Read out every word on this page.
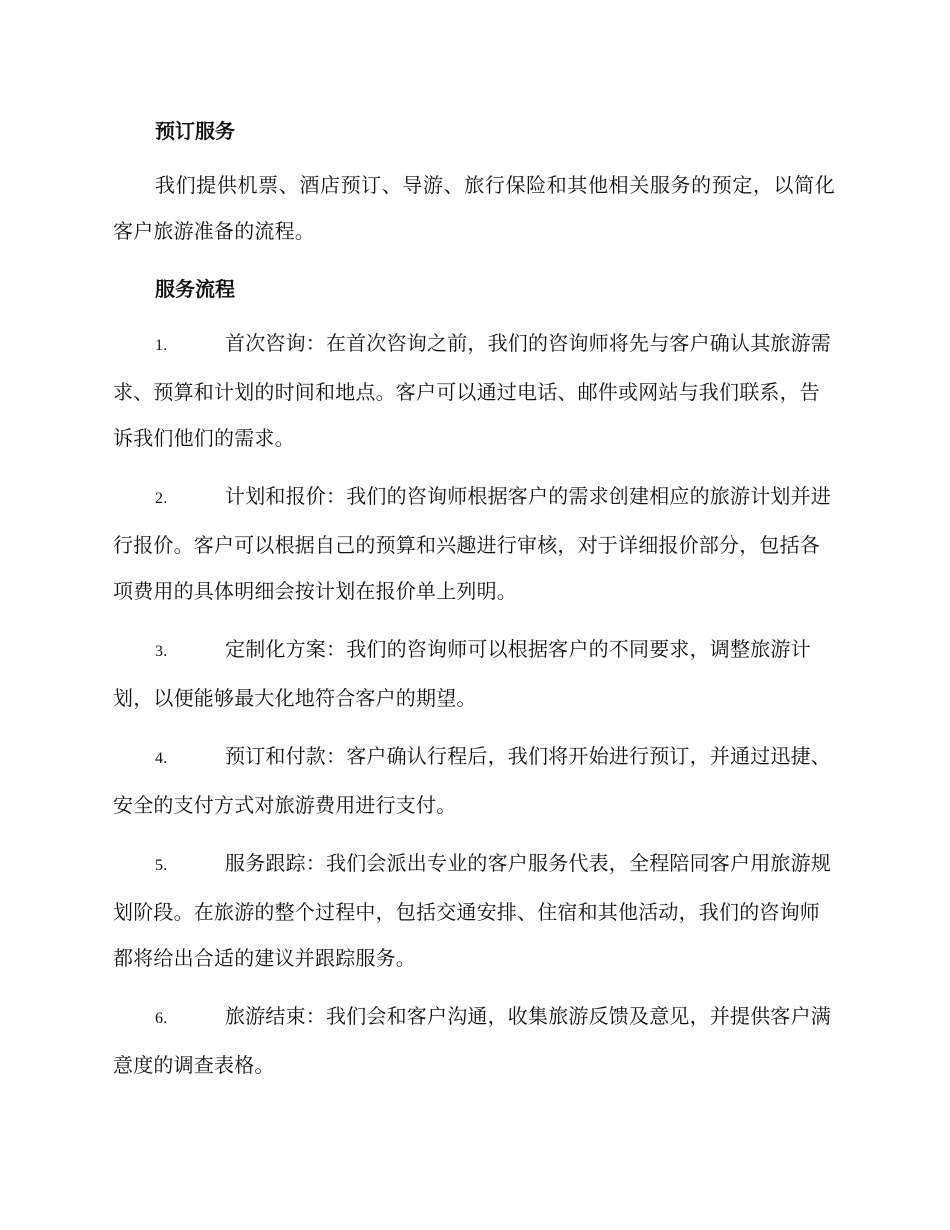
预订服务

我们提供机票、酒店预订、导游、旅行保险和其他相关服务的预定，以简化客户旅游准备的流程。

服务流程

1.	首次咨询：在首次咨询之前，我们的咨询师将先与客户确认其旅游需求、预算和计划的时间和地点。客户可以通过电话、邮件或网站与我们联系，告诉我们他们的需求。

2.	计划和报价：我们的咨询师根据客户的需求创建相应的旅游计划并进行报价。客户可以根据自己的预算和兴趣进行审核，对于详细报价部分，包括各项费用的具体明细会按计划在报价单上列明。

3.	定制化方案：我们的咨询师可以根据客户的不同要求，调整旅游计划，以便能够最大化地符合客户的期望。

4.	预订和付款：客户确认行程后，我们将开始进行预订，并通过迅捷、安全的支付方式对旅游费用进行支付。

5.	服务跟踪：我们会派出专业的客户服务代表，全程陪同客户用旅游规划阶段。在旅游的整个过程中，包括交通安排、住宿和其他活动，我们的咨询师都将给出合适的建议并跟踪服务。

6.	旅游结束：我们会和客户沟通，收集旅游反馈及意见，并提供客户满意度的调查表格。
